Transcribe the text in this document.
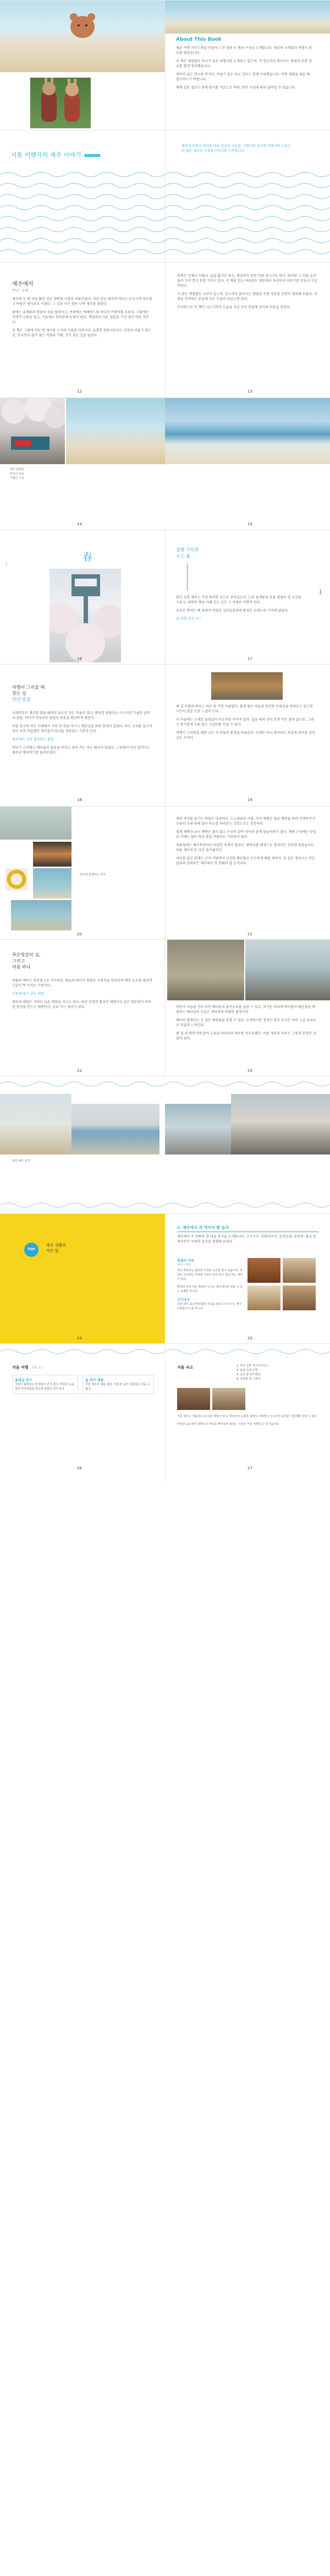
About This Book

제주 여행 가이드북을 만들며 느낀 점과 이 책의 구성을 소개합니다. 제주의 사계절과 여행지 정보를 담았습니다.

이 책은 계절별로 떠나기 좋은 여행지를 소개하고 있으며, 각 장소마다 찾아가는 방법과 주변 정보를 함께 정리했습니다.

제주의 숨은 명소와 먹거리, 머물기 좋은 숙소 정보도 함께 수록했습니다. 여행 계획을 세울 때 참고하시기 바랍니다.

책에 실린 정보는 취재 당시를 기준으로 하며, 현지 사정에 따라 달라질 수 있습니다.

서툰 여행자의 제주 이야기 PROLOGUE
제주의 바람과 바다를 따라 걸었던 시간들. 서툴지만 솔직한 여행자의 시선으로 담은 제주의 사계절 이야기를 시작합니다.
제주에서
만난 사계

제주에 두 번 처음 왔던 것은 대학생 시절의 여름이었다. 처음 만난 제주의 바다는 눈부시게 푸르렀고 바람은 생각보다 거셌다. 그 뒤로 나는 틈만 나면 제주를 찾았다.

봄에는 유채꽃과 벚꽃이 섬을 물들이고, 여름에는 에메랄드빛 바다가 여행자를 부른다. 가을에는 억새가 오름을 덮고, 겨울에는 한라산에 눈꽃이 핀다. 계절마다 다른 얼굴을 가진 섬이 바로 제주다.

이 책은 그렇게 여러 번 제주를 오가며 기록한 이야기다. 유명한 관광지보다는 조용히 머물기 좋은 곳, 현지인이 즐겨 찾는 식당과 카페, 걷기 좋은 길을 담았다.

여행은 언제나 서툴다. 길을 잃기도 하고, 예상하지 못한 비를 만나기도 한다. 하지만 그 서툰 순간들이 모여 잊지 못할 기억이 된다. 이 책을 읽는 여러분도 제주에서 자신만의 이야기를 만들어 가길 바란다.

각 장은 계절별로 나뉘어 있으며, 장소마다 찾아가는 방법과 주변 정보를 간단히 정리해 두었다. 여행을 준비하는 분들께 작은 도움이 되었으면 한다.

마지막으로 이 책이 나오기까지 도움을 주신 모든 분들께 감사의 마음을 전한다.

12	13
제주 올레길
바닷가 마을
여행의 시작
14	15
봄
春
설렘 가득한
우도 봄

봄이 오면 제주는 가장 화려한 옷으로 갈아입는다. 노란 유채꽃과 분홍 벚꽃이 섬 곳곳을 수놓고, 따뜻한 햇살 아래 걷는 길은 그 자체로 여행이 된다.

우도로 향하는 배 위에서 바라본 성산일출봉의 풍경은 오래도록 기억에 남았다.

봄 여행 추천 코스

🚶
16	17
여행이 그리울 때
찾는 섬
만난 발걸

오래전부터 제주를 찾을 때마다 들르던 작은 마을이 있다. 화려한 관광지는 아니지만 조용한 골목과 돌담, 바다가 어우러진 풍경이 마음을 편안하게 해준다.

마을 입구의 작은 카페에서 커피 한 잔을 마시고 해안길을 따라 천천히 걸었다. 파도 소리를 들으며 걷다 보면 복잡했던 생각들이 하나둘 정리되는 기분이 든다.

제주에서 가장 좋아하는 풍경

바닷가 근처에는 해녀들이 물질을 마치고 쉬어 가는 작은 쉼터가 있었다. 그곳에서 만난 할머니는 제주의 옛이야기를 들려주셨다.

해 질 무렵의 바다는 하루 중 가장 아름답다. 붉게 물든 하늘과 잔잔한 수평선을 바라보고 있으면 시간이 멈춘 듯한 느낌이 든다.

이 마을에는 오래된 돌담길이 미로처럼 이어져 있다. 길을 따라 걷다 보면 작은 밭과 귤나무, 그리고 한가롭게 누워 있는 고양이를 만날 수 있다.

여행이 그리워질 때면 나는 이 마을의 풍경을 떠올린다. 언제든 다시 찾아와도 반갑게 맞아줄 것만 같은 곳이다.

18	19
바다와 함께하는 하루

제주 바다를 즐기는 방법은 다양하다. 스노클링과 서핑, 카약 체험은 물론 해변을 따라 산책하거나 조용히 모래 위에 앉아 파도를 바라보는 것만으로도 충분하다.

협재 해변과 금능 해변은 물이 맑고 수심이 얕아 아이와 함께 물놀이하기 좋다. 해변 근처에는 맛집과 카페도 많아 하루 종일 머물러도 지루하지 않다.

여름철에는 해수욕장마다 다양한 축제가 열린다. 밤바다를 배경으로 펼쳐지는 공연과 불꽃놀이는 여름 제주의 또 다른 즐거움이다.

바다를 즐긴 뒤에는 근처 식당에서 신선한 해산물로 든든하게 배를 채우자. 갓 잡은 생선으로 만든 물회와 전복죽은 제주에서 꼭 맛봐야 할 음식이다.

20	21
푸른빛깔의 섬,
그리고
여름 바다

여름의 제주는 푸른빛으로 가득하다. 하늘과 바다가 맞닿은 수평선을 바라보며 해안 도로를 달리면 가슴이 탁 트이는 기분이다.

여름에 찾기 좋은 해변

제주의 해변은 저마다 다른 매력을 지니고 있다. 하얀 모래가 펼쳐진 해변부터 검은 현무암이 독특한 풍경을 만드는 해변까지, 골라 가는 재미가 있다.	바닷가 마을을 걷다 보면 해녀들의 숨비소리를 들을 수 있다. 차가운 바다에 뛰어들어 해산물을 채취하는 해녀들의 모습은 제주만의 특별한 풍경이다.

해녀의 집에서는 갓 잡은 해산물을 맛볼 수 있다. 소박하지만 정성이 담긴 음식은 어떤 고급 요리보다 맛있게 느껴진다.

해 질 녘 바닷가에 앉아 노을을 바라보며 하루를 마무리했다. 여름 제주의 하루는 그렇게 천천히 저물어 갔다.

22	23
제주 해안 풍경
TOP
제주 생활의
작은 팁
1. 제주에서 꼭 먹어야 할 음식
제주에서 꼭 맛봐야 할 대표 음식을 소개합니다. 고기국수, 흑돼지구이, 갈치조림, 전복죽, 몸국 등 제주만의 독특한 음식을 경험해 보세요.
흑돼지 거리
제주시 맛집

제주 흑돼지는 쫄깃한 식감과 고소한 맛이 일품이다. 흑돼지 거리에는 다양한 식당이 모여 있어 골라 먹는 재미가 있다.

멜젓에 찍어 먹는 흑돼지 구이는 제주에서만 맛볼 수 있는 특별한 맛이다.

고기국수
진한 돼지 육수에 두툼한 수육을 올린 고기국수는 제주 사람들의 소울 푸드다.
24	25
겨울 여행 추천 코스
올레길 걷기
겨울의 올레길은 한적해서 걷기 좋다. 따뜻한 옷을 챙겨 바닷바람을 맞으며 천천히 걸어 보자.
귤 따기 체험
겨울 제주의 대표 체험. 직접 딴 귤의 달콤함은 잊을 수 없다.
겨울 숙소	1. 바다 전망 게스트하우스
2. 돌담 독채 민박
3. 숲속 통나무 펜션
4. 감귤밭 옆 스테이

겨울 제주는 여름과는 또 다른 매력이 있다. 한라산의 눈꽃과 귤밭의 주황빛이 어우러진 풍경은 겨울에만 만날 수 있다.

따뜻한 숙소에서 창밖으로 바다를 바라보며 보내는 시간은 겨울 여행의 큰 즐거움이다.

26	27
